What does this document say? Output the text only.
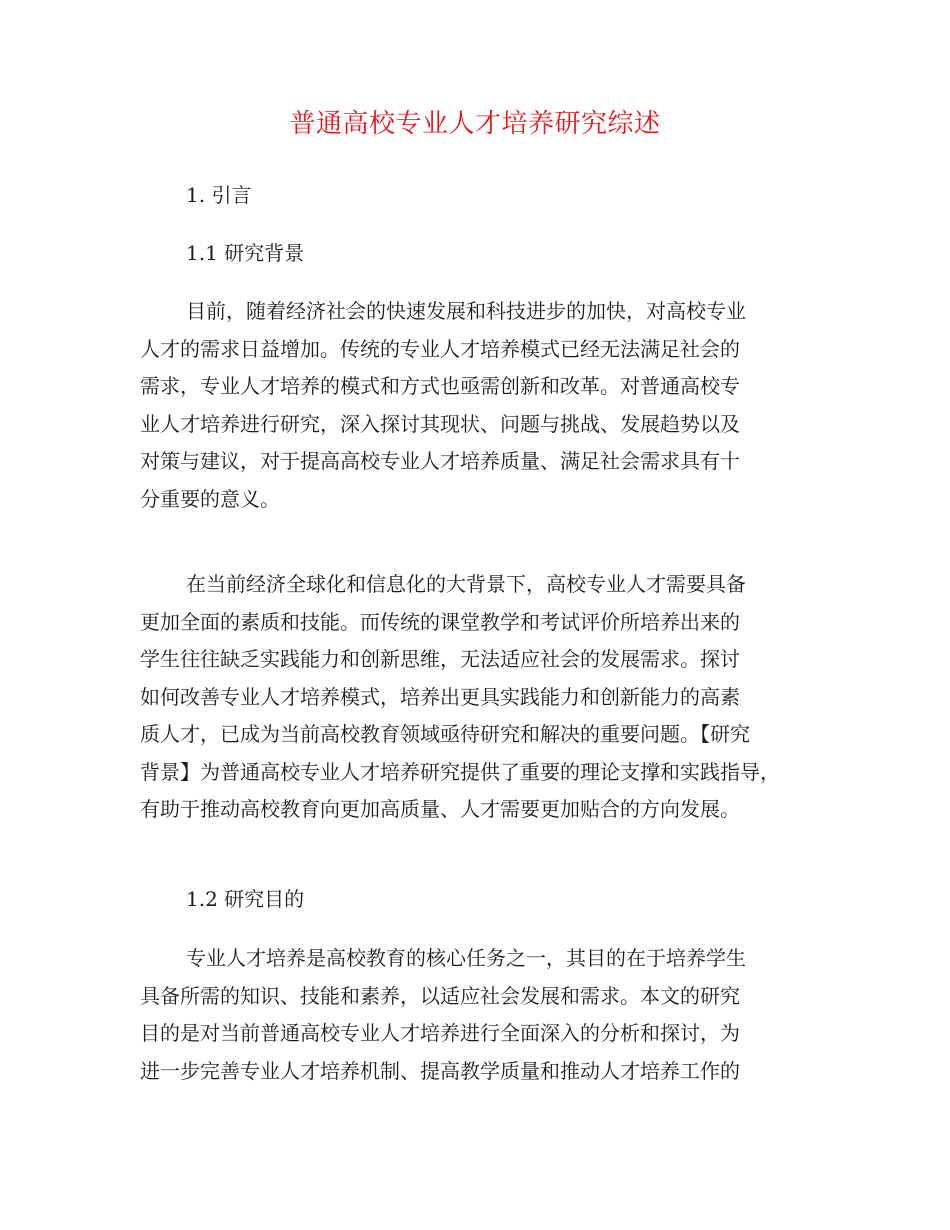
普通高校专业人才培养研究综述
1. 引言
1.1 研究背景
目前，随着经济社会的快速发展和科技进步的加快，对高校专业
人才的需求日益增加。传统的专业人才培养模式已经无法满足社会的
需求，专业人才培养的模式和方式也亟需创新和改革。对普通高校专
业人才培养进行研究，深入探讨其现状、问题与挑战、发展趋势以及
对策与建议，对于提高高校专业人才培养质量、满足社会需求具有十
分重要的意义。
在当前经济全球化和信息化的大背景下，高校专业人才需要具备
更加全面的素质和技能。而传统的课堂教学和考试评价所培养出来的
学生往往缺乏实践能力和创新思维，无法适应社会的发展需求。探讨
如何改善专业人才培养模式，培养出更具实践能力和创新能力的高素
质人才，已成为当前高校教育领域亟待研究和解决的重要问题。【研究
背景】为普通高校专业人才培养研究提供了重要的理论支撑和实践指导，
有助于推动高校教育向更加高质量、人才需要更加贴合的方向发展。
1.2 研究目的
专业人才培养是高校教育的核心任务之一，其目的在于培养学生
具备所需的知识、技能和素养，以适应社会发展和需求。本文的研究
目的是对当前普通高校专业人才培养进行全面深入的分析和探讨，为
进一步完善专业人才培养机制、提高教学质量和推动人才培养工作的
